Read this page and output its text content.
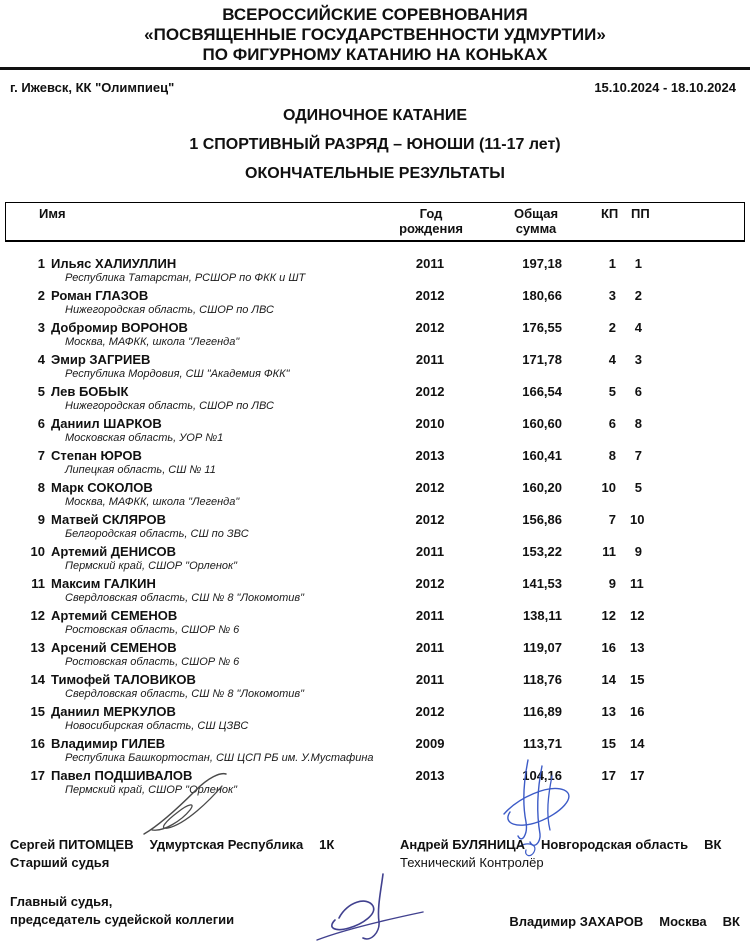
ВСЕРОССИЙСКИЕ СОРЕВНОВАНИЯ
«ПОСВЯЩЕННЫЕ ГОСУДАРСТВЕННОСТИ УДМУРТИИ»
ПО ФИГУРНОМУ КАТАНИЮ НА КОНЬКАХ
г. Ижевск, КК "Олимпиец"	15.10.2024 - 18.10.2024
ОДИНОЧНОЕ КАТАНИЕ
1 СПОРТИВНЫЙ РАЗРЯД – ЮНОШИ (11-17 лет)
ОКОНЧАТЕЛЬНЫЕ РЕЗУЛЬТАТЫ
Имя	Год
рождения
Общая
сумма
КП ПП
1 Ильяс ХАЛИУЛЛИН
Республика Татарстан, РСШОР по ФКК и ШТ
2011	197,18	1	1
2 Роман ГЛАЗОВ
Нижегородская область, СШОР по ЛВС
2012	180,66	3	2
3 Добромир ВОРОНОВ
Москва, МАФКК, школа "Легенда"
2012	176,55	2	4
4 Эмир ЗАГРИЕВ
Республика Мордовия, СШ "Академия ФКК"
2011	171,78	4	3
5 Лев БОБЫК
Нижегородская область, СШОР по ЛВС
2012	166,54	5	6
6 Даниил ШАРКОВ
Московская область, УОР №1
2010	160,60	6	8
7 Степан ЮРОВ
Липецкая область, СШ № 11
2013	160,41	8	7
8 Марк СОКОЛОВ
Москва, МАФКК, школа "Легенда"
2012	160,20	10	5
9 Матвей СКЛЯРОВ
Белгородская область, СШ по ЗВС
2012	156,86	7	10
10 Артемий ДЕНИСОВ
Пермский край, СШОР "Орленок"
2011	153,22	11	9
11 Максим ГАЛКИН
Свердловская область, СШ № 8 "Локомотив"
2012	141,53	9	11
12 Артемий СЕМЕНОВ
Ростовская область, СШОР № 6
2011	138,11	12	12
13 Арсений СЕМЕНОВ
Ростовская область, СШОР № 6
2011	119,07	16	13
14 Тимофей ТАЛОВИКОВ
Свердловская область, СШ № 8 "Локомотив"
2011	118,76	14	15
15 Даниил МЕРКУЛОВ
Новосибирская область, СШ ЦЗВС
2012	116,89	13	16
16 Владимир ГИЛЕВ
Республика Башкортостан, СШ ЦСП РБ им. У.Мустафина
2009	113,71	15	14
17 Павел ПОДШИВАЛОВ
Пермский край, СШОР "Орленок"
2013	104,16	17	17
Сергей ПИТОМЦЕВ Удмуртская Республика 1К
Старший судья
Андрей БУЛЯНИЦА Новгородская область ВК
Технический Контролёр
Главный судья,
председатель судейской коллегии	Владимир ЗАХАРОВ Москва ВК
